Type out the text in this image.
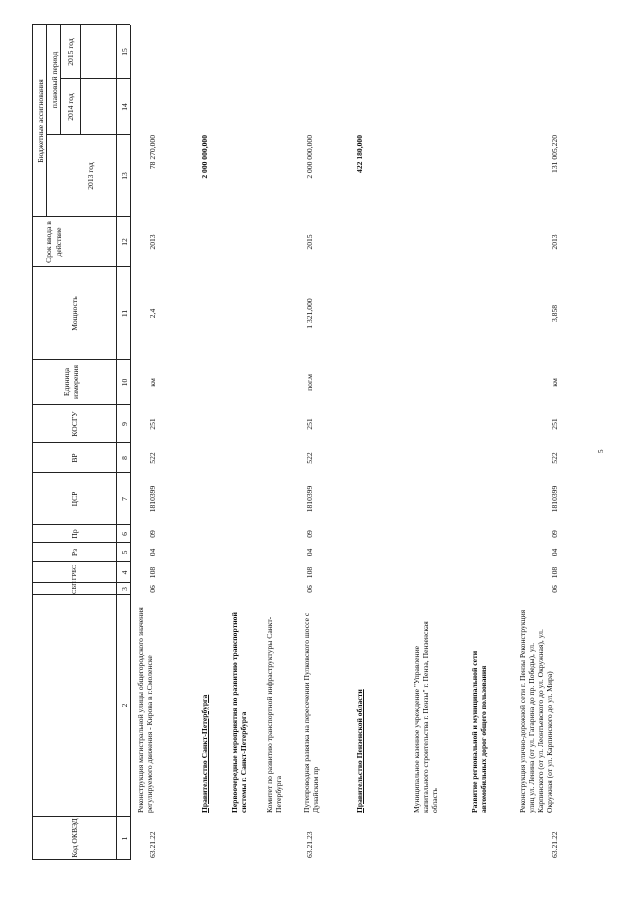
Код ОКВЭД
2
СБП
ГРБС
Рз
Пр
ЦСР
ВР
КОСГУ
Единица измерения
Мощность
Срок ввода в действие
Бюджетные ассигнования плановый период
2013 год
2014 год
2015 год
1
3
4
5
6
7
8
9
10
11
12
13
14
15
63.21.22
Реконструкция магистральной улицы общегородского значения регулируемого движения - Кирова в г.Смоленске
06
108
04
09
1810399
522
251
км
2,4
2013
78 270,000
Правительство Санкт-Петербурга
2 000 000,000
Первоочередные мероприятия по развитию транспортной системы г. Санкт-Петербурга Комитет по развитию транспортной инфраструктуры Санкт-Петербурга
63.21.23
Путепроводная развязка на пересечении Пулковского шоссе с Дунайским пр
06
108
04
09
1810399
522
251
пог.м
1 321,000
2015
2 000 000,000
Правительство Пензенской области
422 180,000
Муниципальное казенное учреждение "Управление капитального строительства г. Пензы" г. Пенза, Пензенская область	Развитие региональной и муниципальной сети автомобильных дорог общего пользования
63.21.22
Реконструкция улично-дорожной сети г. Пензы Реконструкция улиц ул. Ленина (от ул. Гагарина до пр. Победы), ул. Карпинского (от ул. Леонтьевского до ул. Окружная), ул. Окружная (от ул. Карпинского до ул. Мира)
06
108
04
09
1810399
522
251
км
3,858
2013
131 005,220
5
